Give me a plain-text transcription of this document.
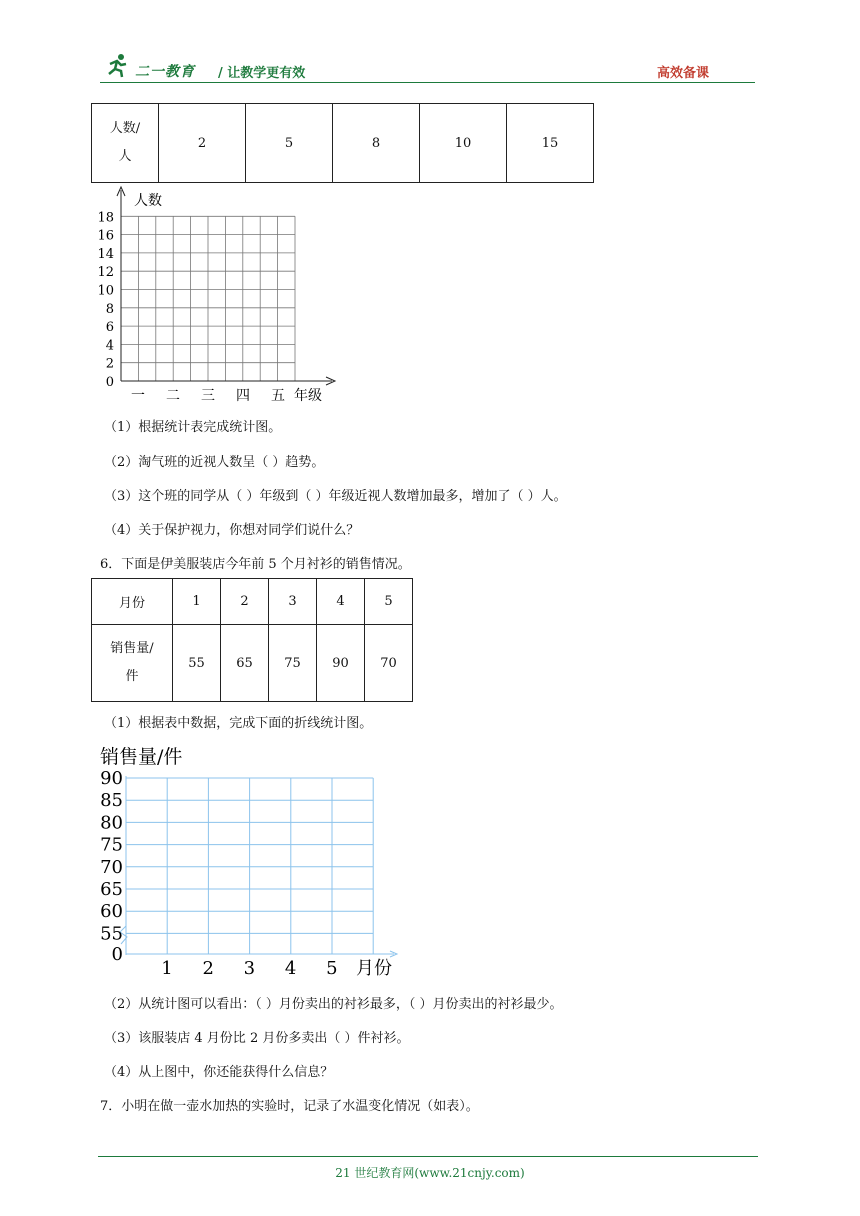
二一教育 / 让教学更有效	高效备课
人数/
人	2	5	8	10	15
人数
年级
0
2
4
6
8
10
12
14
16
18
一 二 三 四 五
（1）根据统计表完成统计图。
（2）淘气班的近视人数呈（ ）趋势。
（3）这个班的同学从（ ）年级到（ ）年级近视人数增加最多，增加了（ ）人。
（4）关于保护视力，你想对同学们说什么？
6．下面是伊美服装店今年前 5 个月衬衫的销售情况。
月份	1	2	3	4	5
销售量/
件	55	65	75	90	70
（1）根据表中数据，完成下面的折线统计图。
销售量/件
月份
0
55
60
65
70
75
80
85
90
1 2 3 4 5
（2）从统计图可以看出：（ ）月份卖出的衬衫最多，（ ）月份卖出的衬衫最少。
（3）该服装店 4 月份比 2 月份多卖出（ ）件衬衫。
（4）从上图中，你还能获得什么信息？
7．小明在做一壶水加热的实验时，记录了水温变化情况（如表）。
21 世纪教育网(www.21cnjy.com)
